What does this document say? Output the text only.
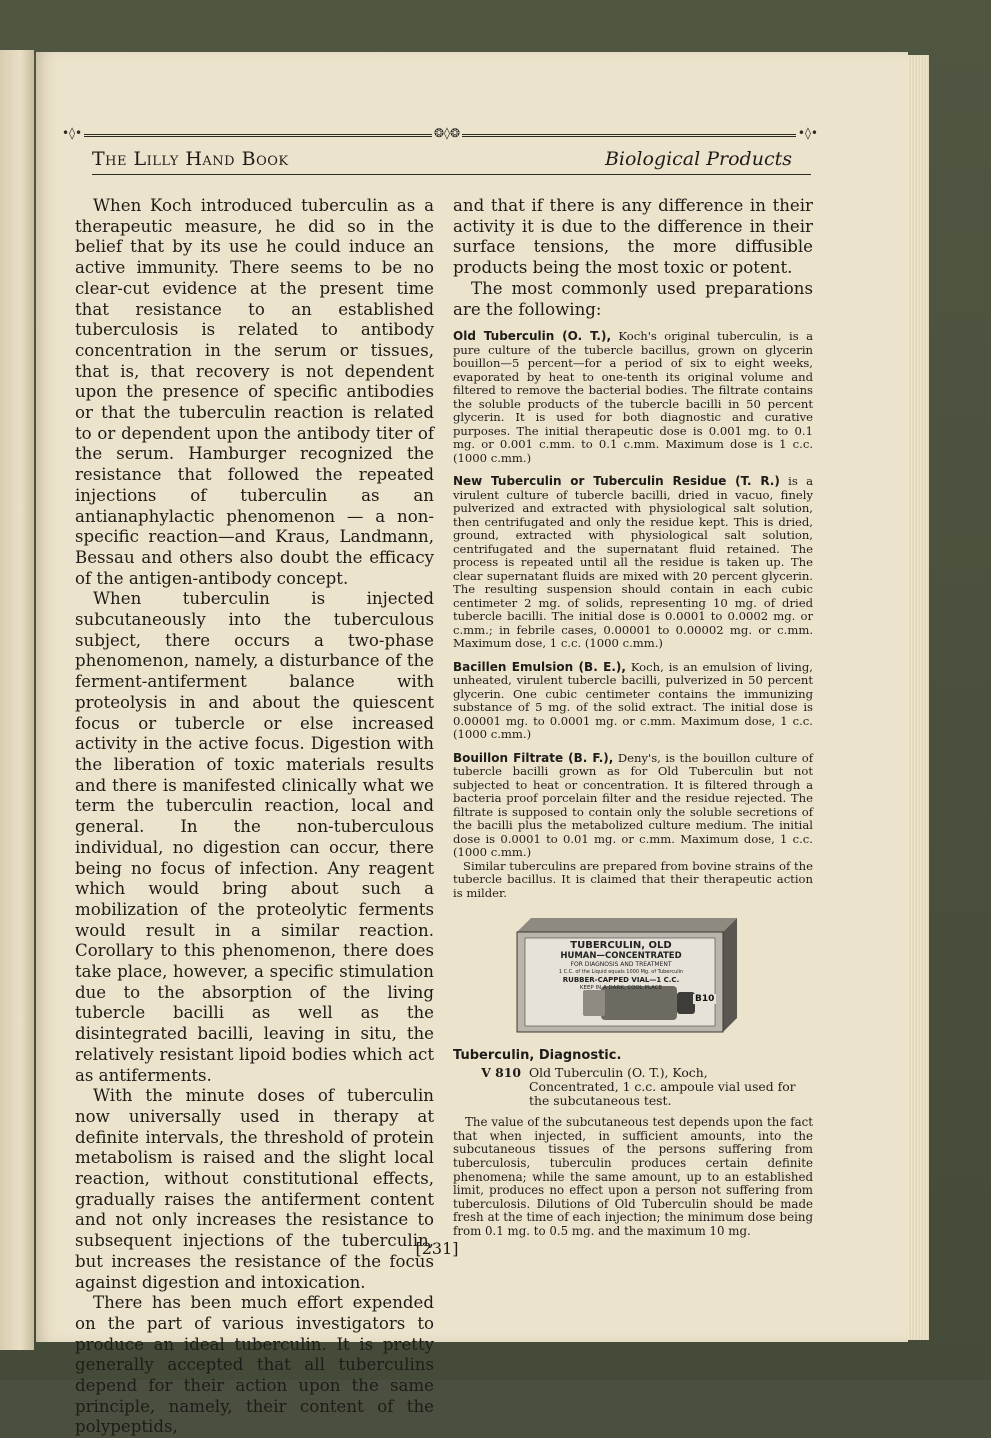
•◊•	❂◊❂	•◊•
The Lilly Hand Book	Biological Products

When Koch introduced tuberculin as a therapeutic measure, he did so in the belief that by its use he could induce an active immunity. There seems to be no clear-cut evidence at the present time that resistance to an established tuberculosis is related to antibody concentration in the serum or tissues, that is, that recovery is not dependent upon the presence of specific antibodies or that the tuberculin reaction is related to or dependent upon the antibody titer of the serum. Hamburger recognized the resistance that followed the repeated injections of tuberculin as an antianaphylactic phenomenon — a non-specific reaction—and Kraus, Landmann, Bessau and others also doubt the efficacy of the antigen-antibody concept.

When tuberculin is injected subcutaneously into the tuberculous subject, there occurs a two-phase phenomenon, namely, a disturbance of the ferment-antiferment balance with proteolysis in and about the quiescent focus or tubercle or else increased activity in the active focus. Digestion with the liberation of toxic materials results and there is manifested clinically what we term the tuberculin reaction, local and general. In the non-tuberculous individual, no digestion can occur, there being no focus of infection. Any reagent which would bring about such a mobilization of the proteolytic ferments would result in a similar reaction. Corollary to this phenomenon, there does take place, however, a specific stimulation due to the absorption of the living tubercle bacilli as well as the disintegrated bacilli, leaving in situ, the relatively resistant lipoid bodies which act as antiferments.

With the minute doses of tuberculin now universally used in therapy at definite intervals, the threshold of protein metabolism is raised and the slight local reaction, without constitutional effects, gradually raises the antiferment content and not only increases the resistance to subsequent injections of the tuberculin, but increases the resistance of the focus against digestion and intoxication.

There has been much effort expended on the part of various investigators to produce an ideal tuberculin. It is pretty generally accepted that all tuberculins depend for their action upon the same principle, namely, their content of the polypeptids,

and that if there is any difference in their activity it is due to the difference in their surface tensions, the more diffusible products being the most toxic or potent.

The most commonly used preparations are the following:

Old Tuberculin (O. T.), Koch's original tuberculin, is a pure culture of the tubercle bacillus, grown on glycerin bouillon—5 percent—for a period of six to eight weeks, evaporated by heat to one-tenth its original volume and filtered to remove the bacterial bodies. The filtrate contains the soluble products of the tubercle bacilli in 50 percent glycerin. It is used for both diagnostic and curative purposes. The initial therapeutic dose is 0.001 mg. to 0.1 mg. or 0.001 c.mm. to 0.1 c.mm. Maximum dose is 1 c.c. (1000 c.mm.)
New Tuberculin or Tuberculin Residue (T. R.) is a virulent culture of tubercle bacilli, dried in vacuo, finely pulverized and extracted with physiological salt solution, then centrifugated and only the residue kept. This is dried, ground, extracted with physiological salt solution, centrifugated and the supernatant fluid retained. The process is repeated until all the residue is taken up. The clear supernatant fluids are mixed with 20 percent glycerin. The resulting suspension should contain in each cubic centimeter 2 mg. of solids, representing 10 mg. of dried tubercle bacilli. The initial dose is 0.0001 to 0.0002 mg. or c.mm.; in febrile cases, 0.00001 to 0.00002 mg. or c.mm. Maximum dose, 1 c.c. (1000 c.mm.)
Bacillen Emulsion (B. E.), Koch, is an emulsion of living, unheated, virulent tubercle bacilli, pulverized in 50 percent glycerin. One cubic centimeter contains the immunizing substance of 5 mg. of the solid extract. The initial dose is 0.00001 mg. to 0.0001 mg. or c.mm. Maximum dose, 1 c.c. (1000 c.mm.)
Bouillon Filtrate (B. F.), Deny's, is the bouillon culture of tubercle bacilli grown as for Old Tuberculin but not subjected to heat or concentration. It is filtered through a bacteria proof porcelain filter and the residue rejected. The filtrate is supposed to contain only the soluble secretions of the bacilli plus the metabolized culture medium. The initial dose is 0.0001 to 0.01 mg. or c.mm. Maximum dose, 1 c.c. (1000 c.mm.)
Similar tuberculins are prepared from bovine strains of the tubercle bacillus. It is claimed that their therapeutic action is milder.
TUBERCULIN, OLD
HUMAN—CONCENTRATED
FOR DIAGNOSIS AND TREATMENT
1 C.C. of the Liquid equals 1000 Mg. of Tuberculin
RUBBER-CAPPED VIAL—1 C.C.
KEEP IN A DARK, COOL PLACE
B10
Tuberculin, Diagnostic.
V 810 Old Tuberculin (O. T.), Koch, Concentrated, 1 c.c. ampoule vial used for the subcutaneous test.
The value of the subcutaneous test depends upon the fact that when injected, in sufficient amounts, into the subcutaneous tissues of the persons suffering from tuberculosis, tuberculin produces certain definite phenomena; while the same amount, up to an established limit, produces no effect upon a person not suffering from tuberculosis. Dilutions of Old Tuberculin should be made fresh at the time of each injection; the minimum dose being from 0.1 mg. to 0.5 mg. and the maximum 10 mg.
[231]
